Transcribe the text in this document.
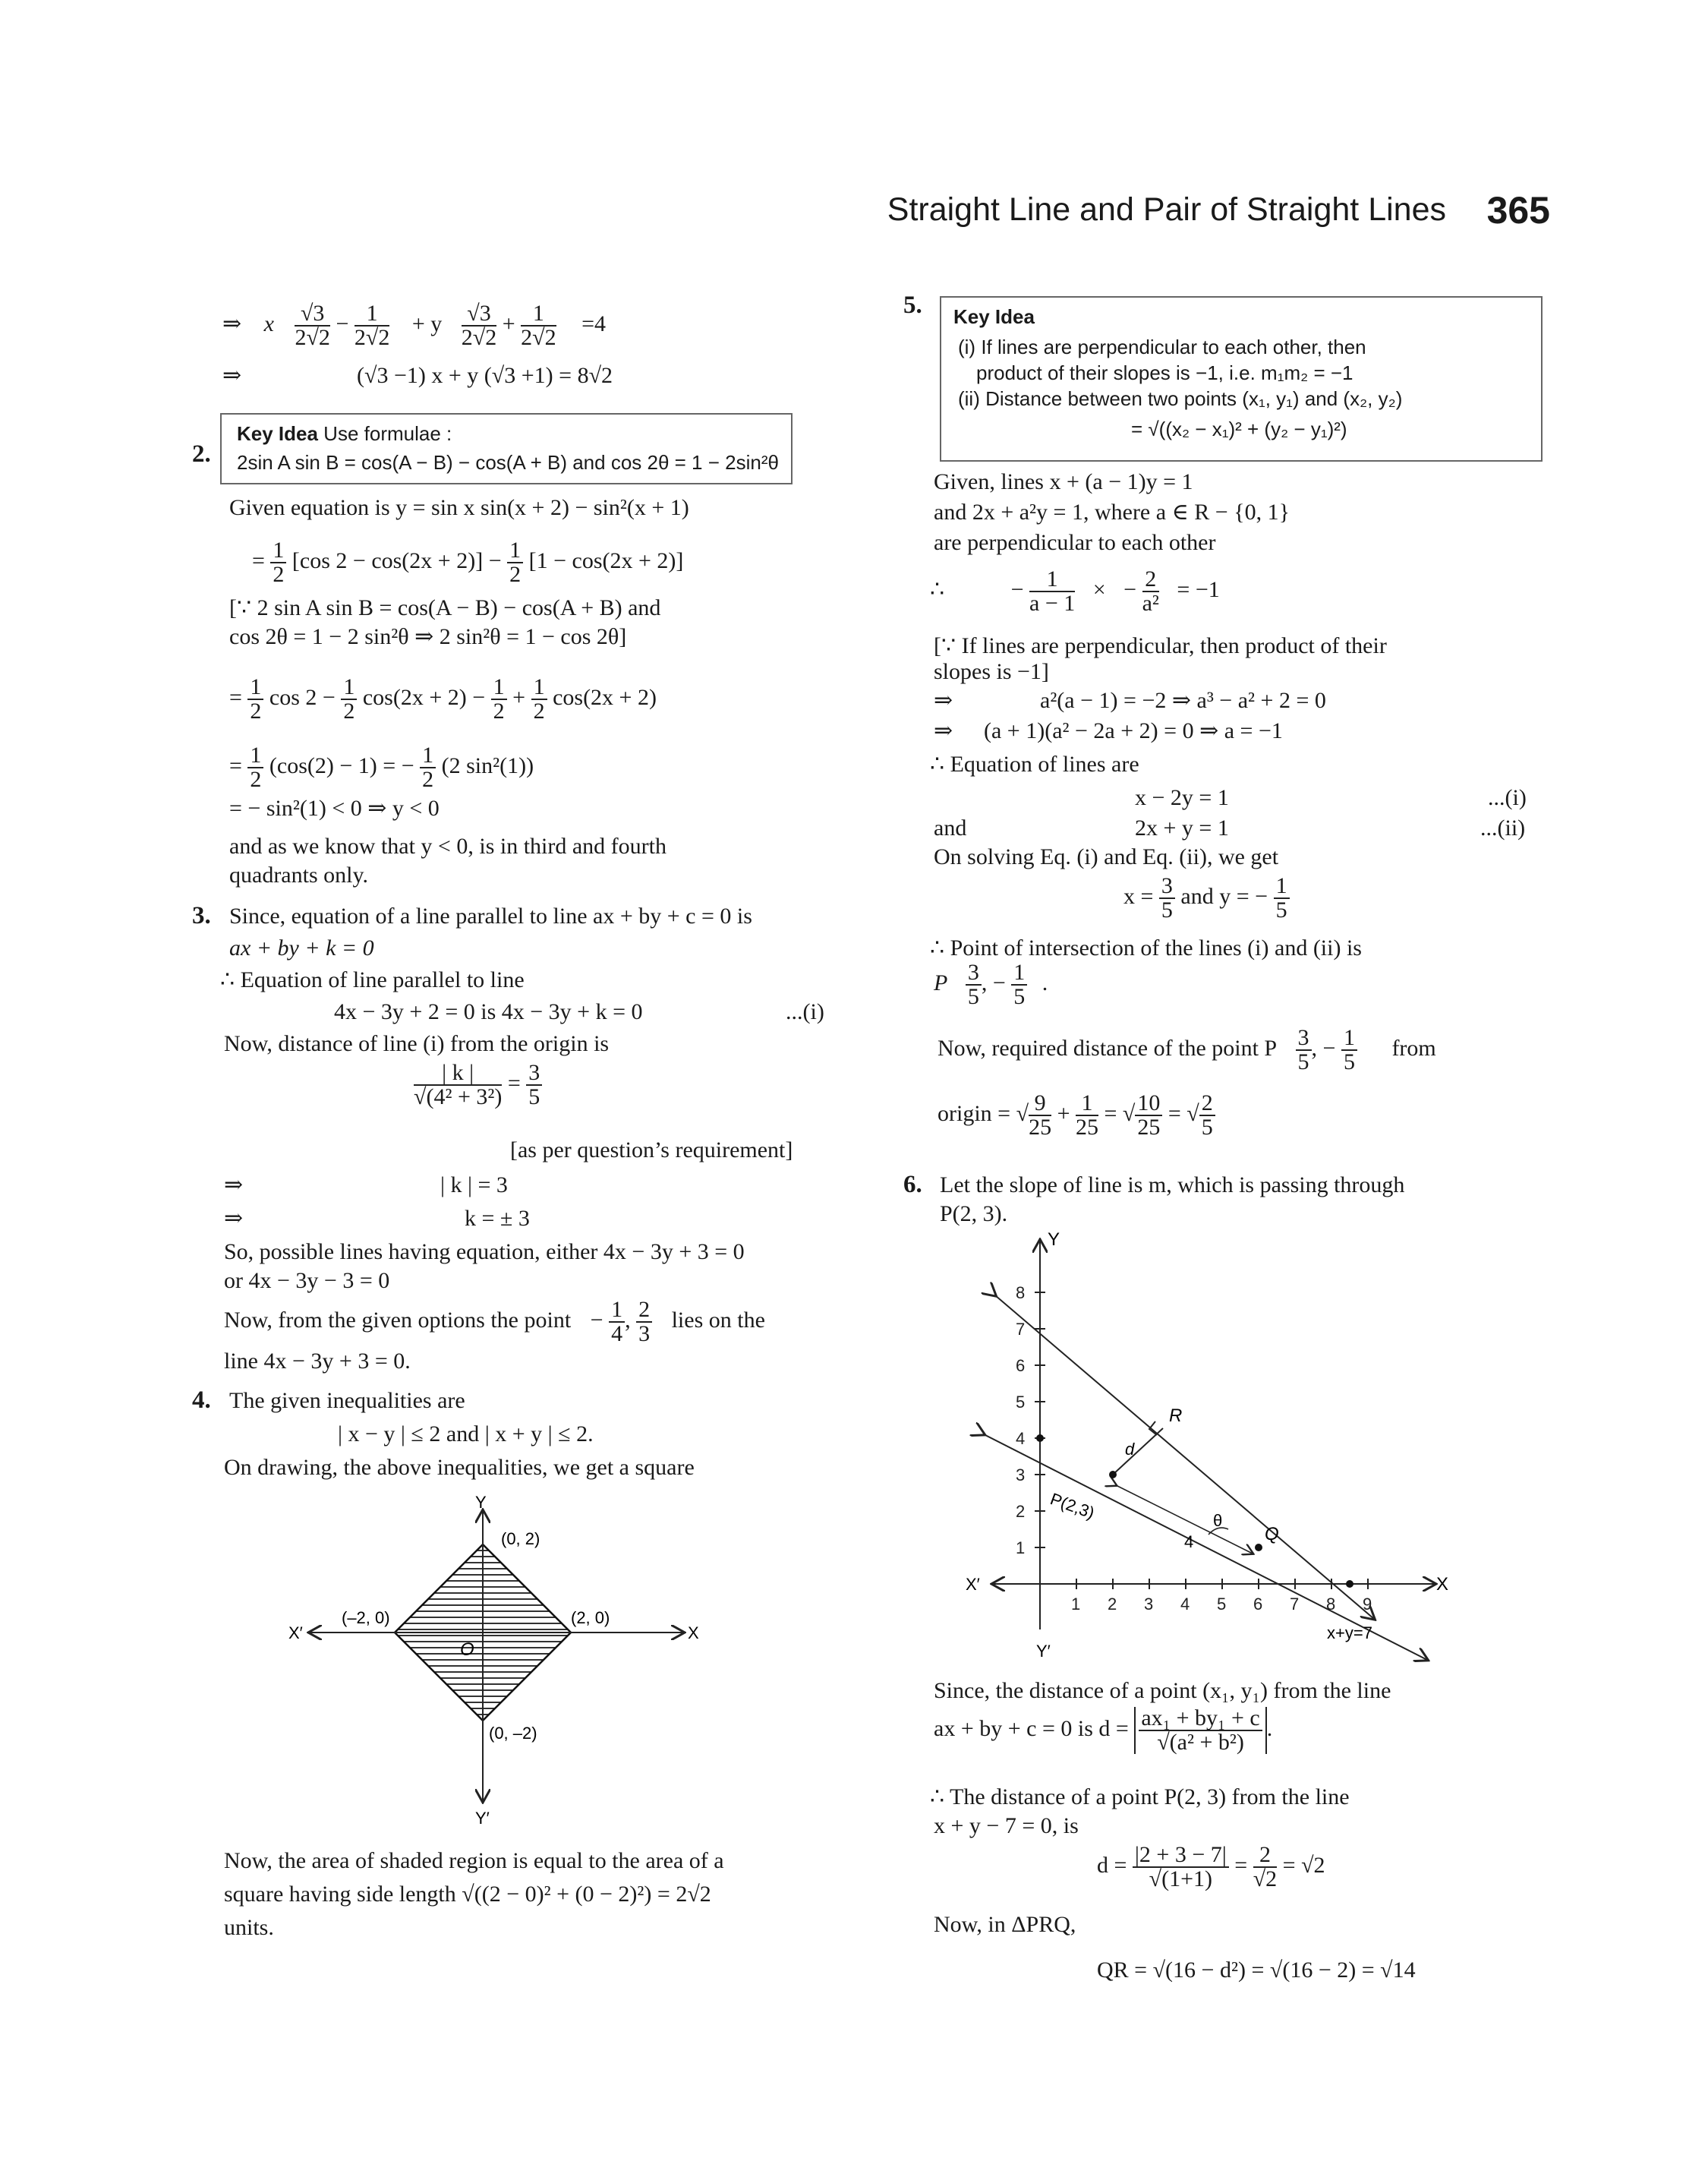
Straight Line and Pair of Straight Lines 365
⇒ x $\frac{√3}{2√2} - \frac{1}{2√2} + y \frac{√3}{2√2} + \frac{1}{2√2} =4$
⇒	(√3 −1) x + y (√3 +1) = 8√2
2.
Key Idea Use formulae :
2sin A sin B = cos(A − B) − cos(A + B) and cos 2θ = 1 − 2sin²θ
Given equation is y = sin x sin(x + 2) − sin²(x + 1)
= $\frac{1}{2} [\cos$ $2 - \cos(2x + 2)] - \frac{1}{2} [1 - \cos(2x + 2)]$
[∵ 2 sin A sin B = cos(A − B) − cos(A + B) and
cos 2θ = 1 − 2 sin²θ ⇒ 2 sin²θ = 1 − cos 2θ]
= $\frac{1}{2}$ $\cos 2 - \frac{1}{2} \cos(2x + 2) - \frac{1}{2} + \frac{1}{2} \cos(2x + 2)$
= $\frac{1}{2} (\cos(2) - 1)$ = − $\frac{1}{2} (2$ sin²(1))
= − sin²(1) < 0 ⇒ y < 0
and as we know that y < 0, is in third and fourth
quadrants only.
3. Since, equation of a line parallel to line ax + by + c = 0 is
ax + by + k = 0
∴ Equation of line parallel to line
4x − 3y + 2 = 0 is 4x − 3y + k = 0	...(i)
Now, distance of line (i) from the origin is
$\frac{| k |}{\text{√(4² + 3²)}} = \frac{3}{5}$
[as per question’s requirement]
⇒	| k | = 3
⇒	k = ± 3
So, possible lines having equation, either 4x − 3y + 3 = 0
or 4x − 3y − 3 = 0
Now, from the given options the point − $\frac{1}{4}$ , $\frac{2}{3}$ lies on the
line 4x − 3y + 3 = 0.
4. The given inequalities are
| x − y | ≤ 2 and | x + y | ≤ 2.
On drawing, the above inequalities, we get a square
Y
Y′
X
X′
O
(0, 2)
(–2, 0)	(2, 0)
(0, –2)
Now, the area of shaded region is equal to the area of a
square having side length √((2 − 0)² + (0 − 2)²) = 2√2
units.
5. Key Idea
(i) If lines are perpendicular to each other, then
product of their slopes is −1, i.e. m₁m₂ = −1
(ii) Distance between two points (x₁, y₁) and (x₂, y₂)
= √((x₂ − x₁)² + (y₂ − y₁)²)
Given, lines x + (a − 1)y = 1
and 2x + a²y = 1, where a ∈ R − {0, 1}
are perpendicular to each other
∴	− $\frac{1}{a - 1}$ × − $\frac{2}{\text{a²}} = -1$
[∵ If lines are perpendicular, then product of their
slopes is −1]
⇒	a²(a − 1) = −2 ⇒ a³ − a² + 2 = 0
⇒ (a + 1)(a² − 2a + 2) = 0 ⇒ a = −1
∴ Equation of lines are
x − 2y = 1	...(i)
and	2x + y = 1	...(ii)
On solving Eq. (i) and Eq. (ii), we get
$x = \frac{3}{5}$ and y = − $\frac{1}{5}$
∴ Point of intersection of the lines (i) and (ii) is
P $\frac{3}{5}$ , − $\frac{1}{5}$ .
Now, required distance of the point P $\frac{3}{5}$ , − $\frac{1}{5}$ from
origin = √ $\frac{9}{25} + \frac{1}{25}$ = √ $\frac{10}{25}$ = √ $\frac{2}{5}$
6. Let the slope of line is m, which is passing through
P(2, 3).
Y
Y′
X
X′
1 2 3 4 5 6 7 8 9
1
2
3
4
5
6
7
8
R
d
P(2,3)	θ
4	Q
x+y=7
Since, the distance of a point (x₁, y₁) from the line
ax + by + c = 0 is $d = \frac{\text{ax₁ + by₁ + c}}{\text{√(a² + b²)}}$ .
∴ The distance of a point P(2, 3) from the line
x + y − 7 = 0, is
$d = \frac{|2 + 3 - 7|}{√(1+1)} = \frac{2}{√2} = √2$
Now, in ΔPRQ,
QR = √(16 − d²) = √(16 − 2) = √14
